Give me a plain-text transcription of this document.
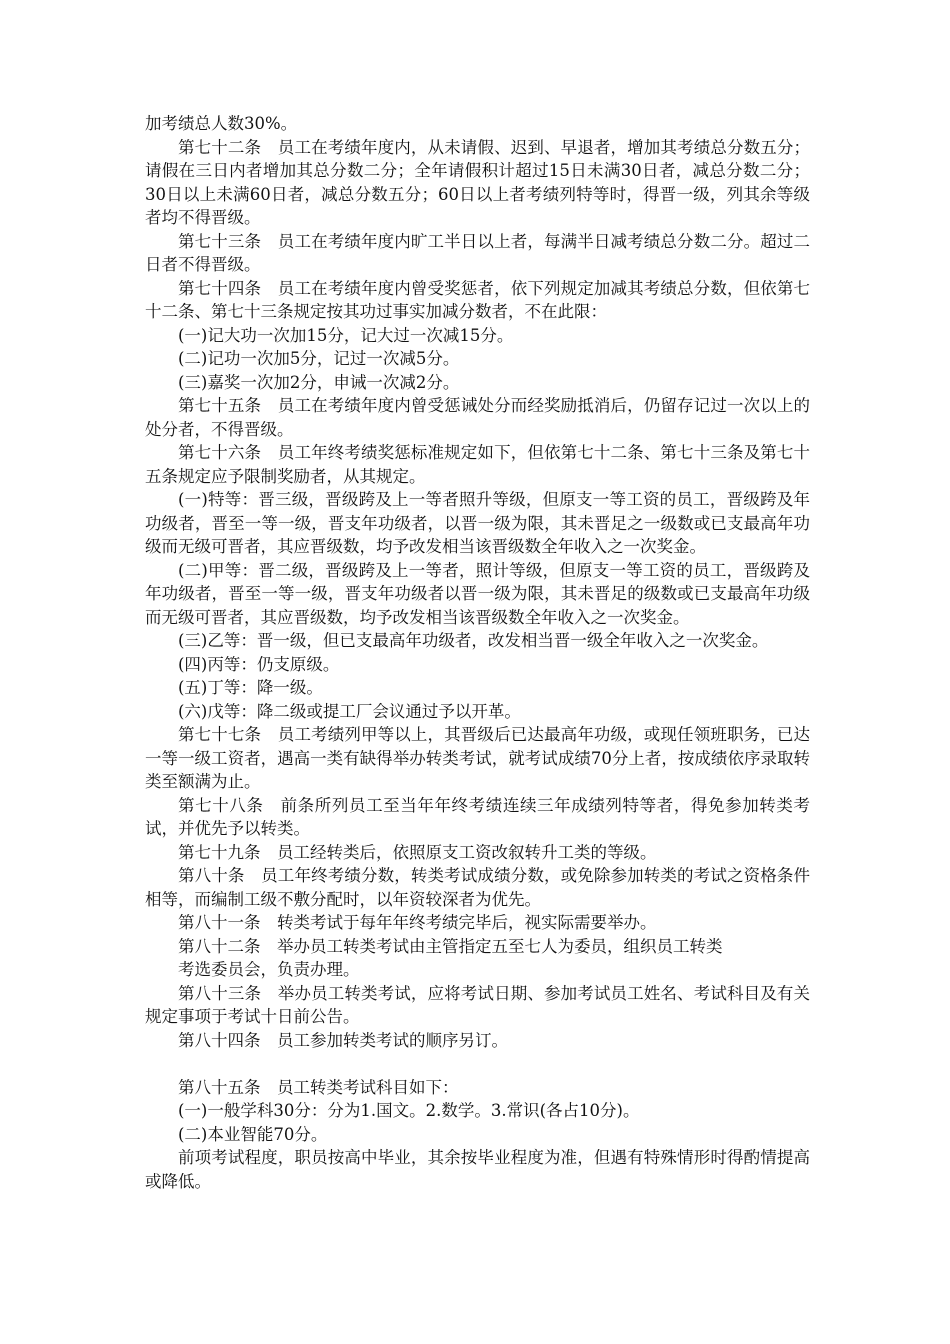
加考绩总人数30%。

第七十二条　员工在考绩年度内，从未请假、迟到、早退者，增加其考绩总分数五分；请假在三日内者增加其总分数二分；全年请假积计超过15日未满30日者，减总分数二分；30日以上未满60日者，减总分数五分；60日以上者考绩列特等时，得晋一级，列其余等级者均不得晋级。

第七十三条　员工在考绩年度内旷工半日以上者，每满半日减考绩总分数二分。超过二日者不得晋级。

第七十四条　员工在考绩年度内曾受奖惩者，依下列规定加减其考绩总分数，但依第七十二条、第七十三条规定按其功过事实加减分数者，不在此限：

(一)记大功一次加15分，记大过一次减15分。

(二)记功一次加5分，记过一次减5分。

(三)嘉奖一次加2分，申诫一次减2分。

第七十五条　员工在考绩年度内曾受惩诫处分而经奖励抵消后，仍留存记过一次以上的处分者，不得晋级。

第七十六条　员工年终考绩奖惩标准规定如下，但依第七十二条、第七十三条及第七十五条规定应予限制奖励者，从其规定。

(一)特等：晋三级，晋级跨及上一等者照升等级，但原支一等工资的员工，晋级跨及年功级者，晋至一等一级，晋支年功级者，以晋一级为限，其未晋足之一级数或已支最高年功级而无级可晋者，其应晋级数，均予改发相当该晋级数全年收入之一次奖金。

(二)甲等：晋二级，晋级跨及上一等者，照计等级，但原支一等工资的员工，晋级跨及年功级者，晋至一等一级，晋支年功级者以晋一级为限，其未晋足的级数或已支最高年功级而无级可晋者，其应晋级数，均予改发相当该晋级数全年收入之一次奖金。

(三)乙等：晋一级，但已支最高年功级者，改发相当晋一级全年收入之一次奖金。

(四)丙等：仍支原级。

(五)丁等：降一级。

(六)戊等：降二级或提工厂会议通过予以开革。

第七十七条　员工考绩列甲等以上，其晋级后已达最高年功级，或现任领班职务，已达一等一级工资者，遇高一类有缺得举办转类考试，就考试成绩70分上者，按成绩依序录取转类至额满为止。

第七十八条　前条所列员工至当年年终考绩连续三年成绩列特等者，得免参加转类考试，并优先予以转类。

第七十九条　员工经转类后，依照原支工资改叙转升工类的等级。

第八十条　员工年终考绩分数，转类考试成绩分数，或免除参加转类的考试之资格条件相等，而编制工级不敷分配时，以年资较深者为优先。

第八十一条　转类考试于每年年终考绩完毕后，视实际需要举办。

第八十二条　举办员工转类考试由主管指定五至七人为委员，组织员工转类

考选委员会，负责办理。

第八十三条　举办员工转类考试，应将考试日期、参加考试员工姓名、考试科目及有关规定事项于考试十日前公告。

第八十四条　员工参加转类考试的顺序另订。

第八十五条　员工转类考试科目如下：

(一)一般学科30分：分为1.国文。2.数学。3.常识(各占10分)。

(二)本业智能70分。

前项考试程度，职员按高中毕业，其余按毕业程度为准，但遇有特殊情形时得酌情提高或降低。
